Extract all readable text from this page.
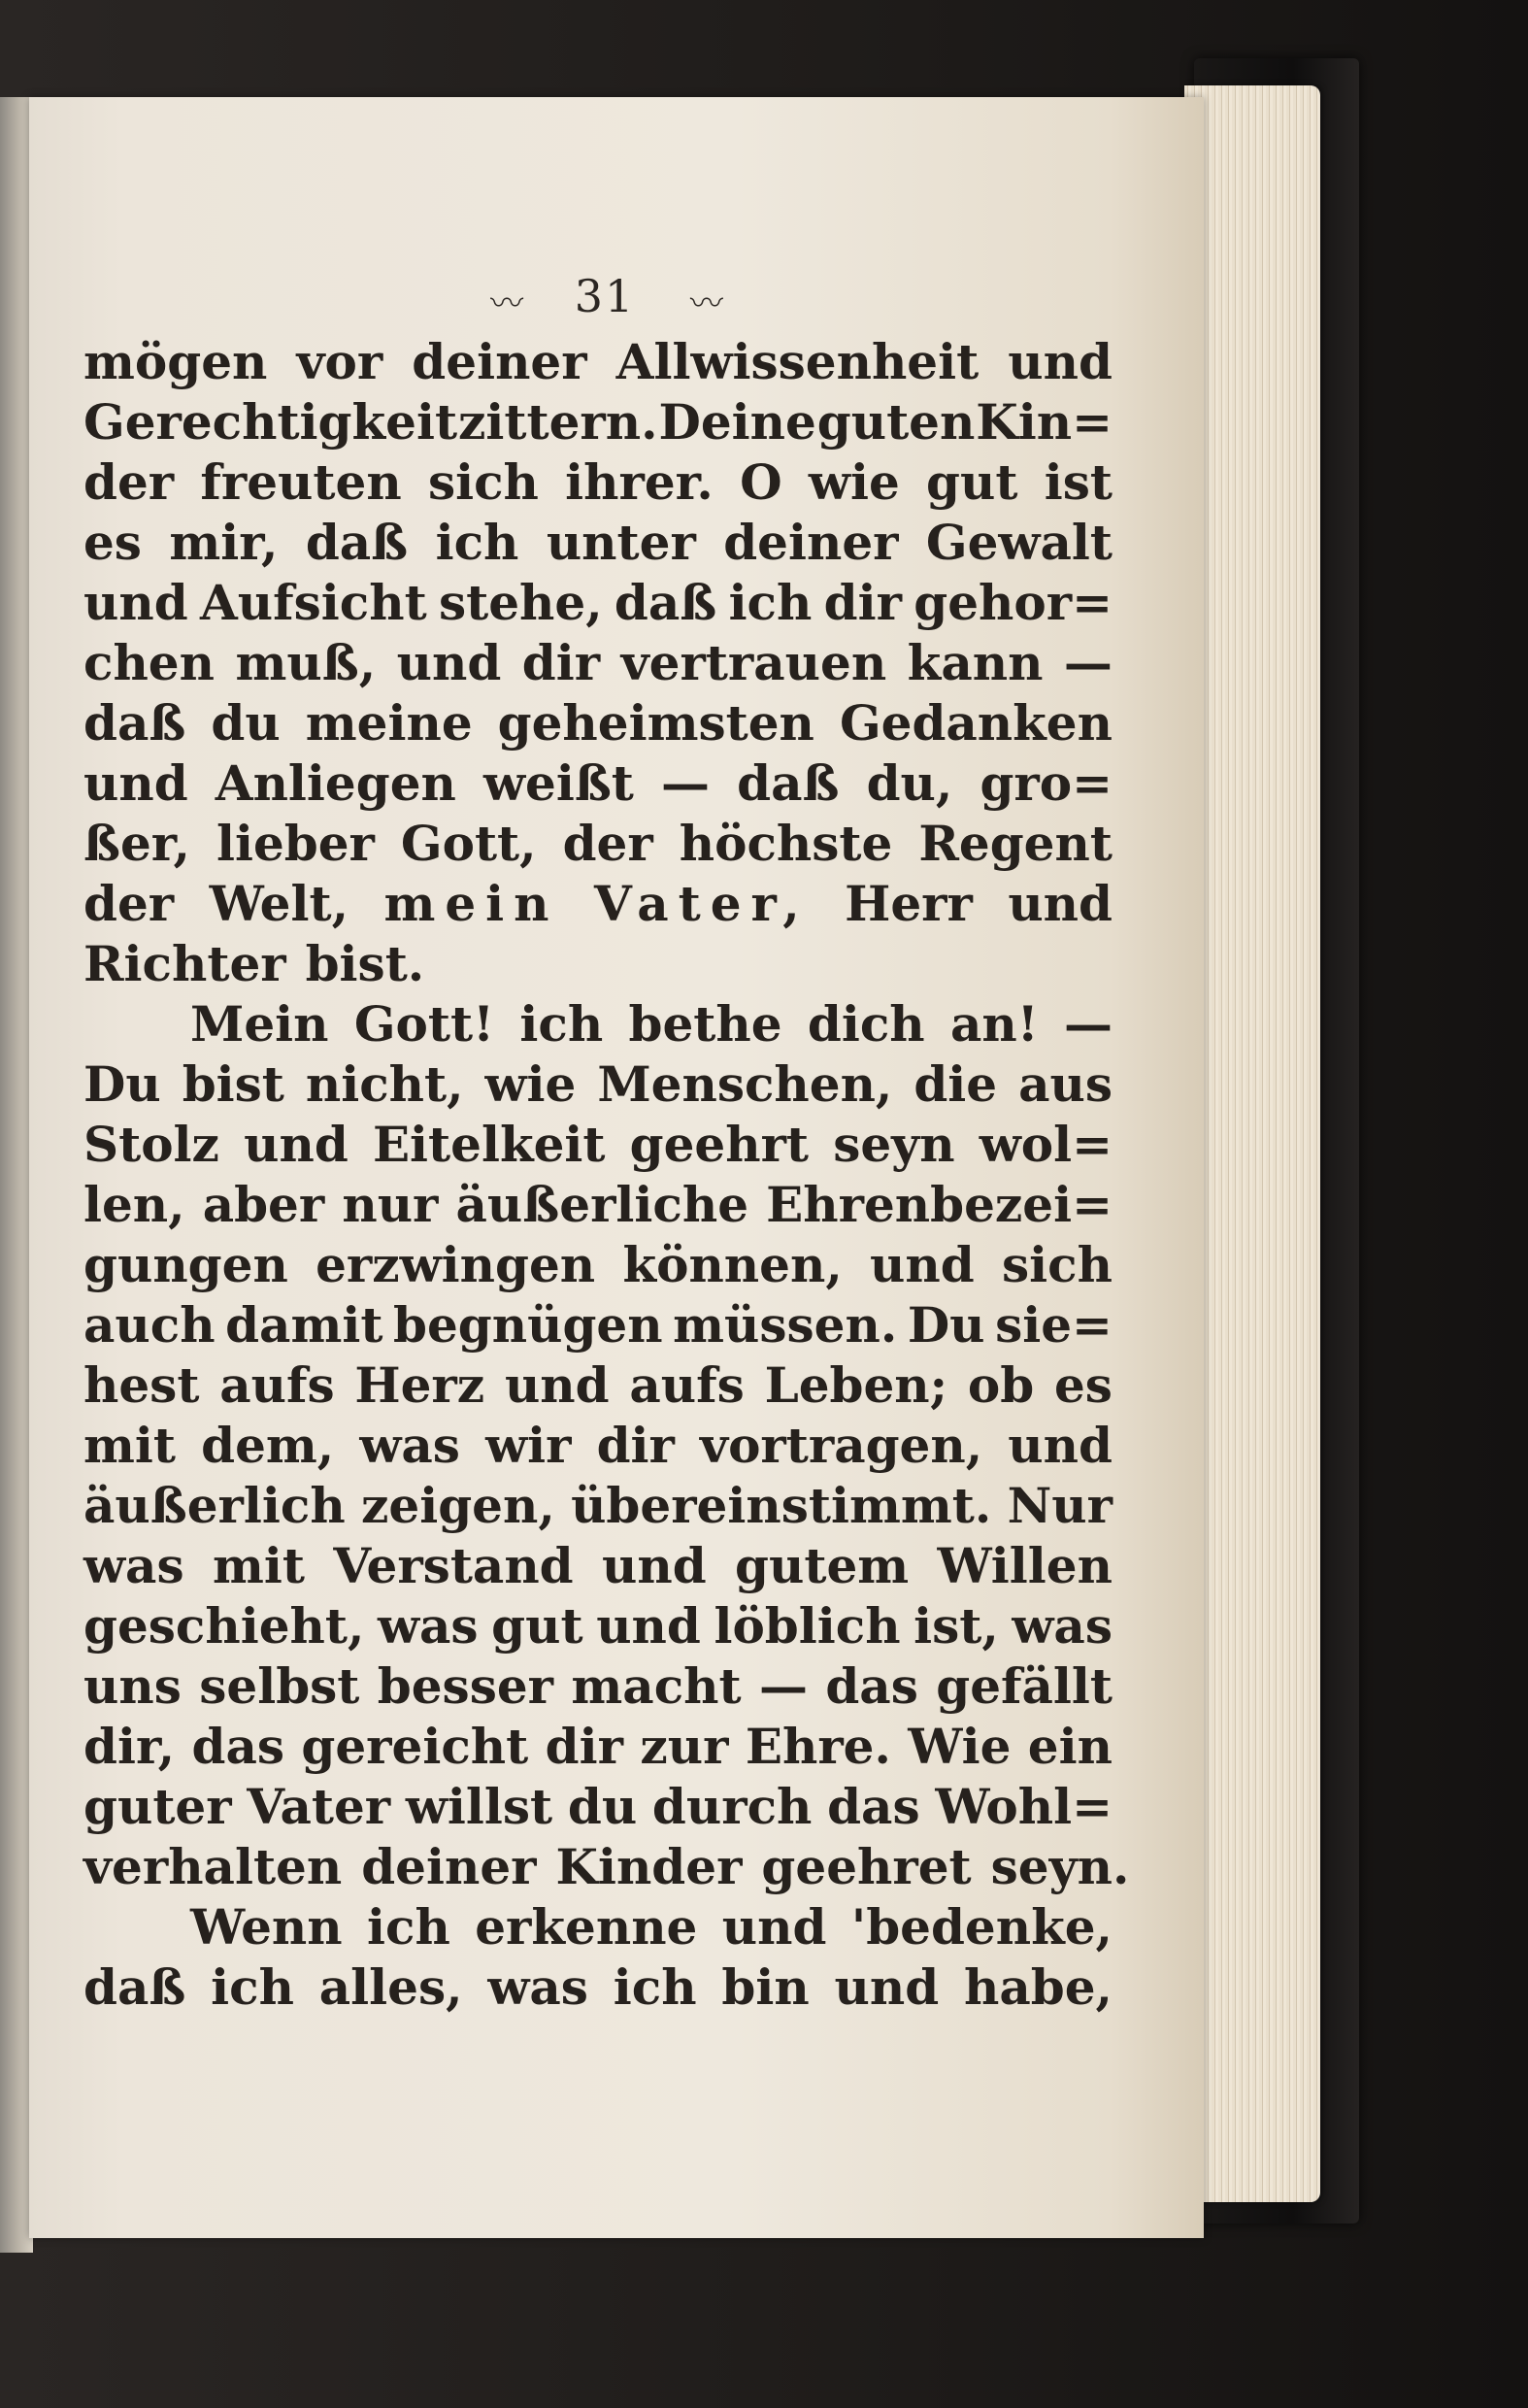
〰 31 〰
mögen vor deiner Allwissenheit und
Gerechtigkeit zittern. Deine guten Kin=
der freuten sich ihrer. O wie gut ist
es mir, daß ich unter deiner Gewalt
und Aufsicht stehe, daß ich dir gehor=
chen muß, und dir vertrauen kann —
daß du meine geheimsten Gedanken
und Anliegen weißt — daß du, gro=
ßer, lieber Gott, der höchste Regent
der Welt, mein Vater, Herr und
Richter bist.
Mein Gott! ich bethe dich an! —
Du bist nicht, wie Menschen, die aus
Stolz und Eitelkeit geehrt seyn wol=
len, aber nur äußerliche Ehrenbezei=
gungen erzwingen können, und sich
auch damit begnügen müssen. Du sie=
hest aufs Herz und aufs Leben; ob es
mit dem, was wir dir vortragen, und
äußerlich zeigen, übereinstimmt. Nur
was mit Verstand und gutem Willen
geschieht, was gut und löblich ist, was
uns selbst besser macht — das gefällt
dir, das gereicht dir zur Ehre. Wie ein
guter Vater willst du durch das Wohl=
verhalten deiner Kinder geehret seyn.
Wenn ich erkenne und 'bedenke,
daß ich alles, was ich bin und habe,
